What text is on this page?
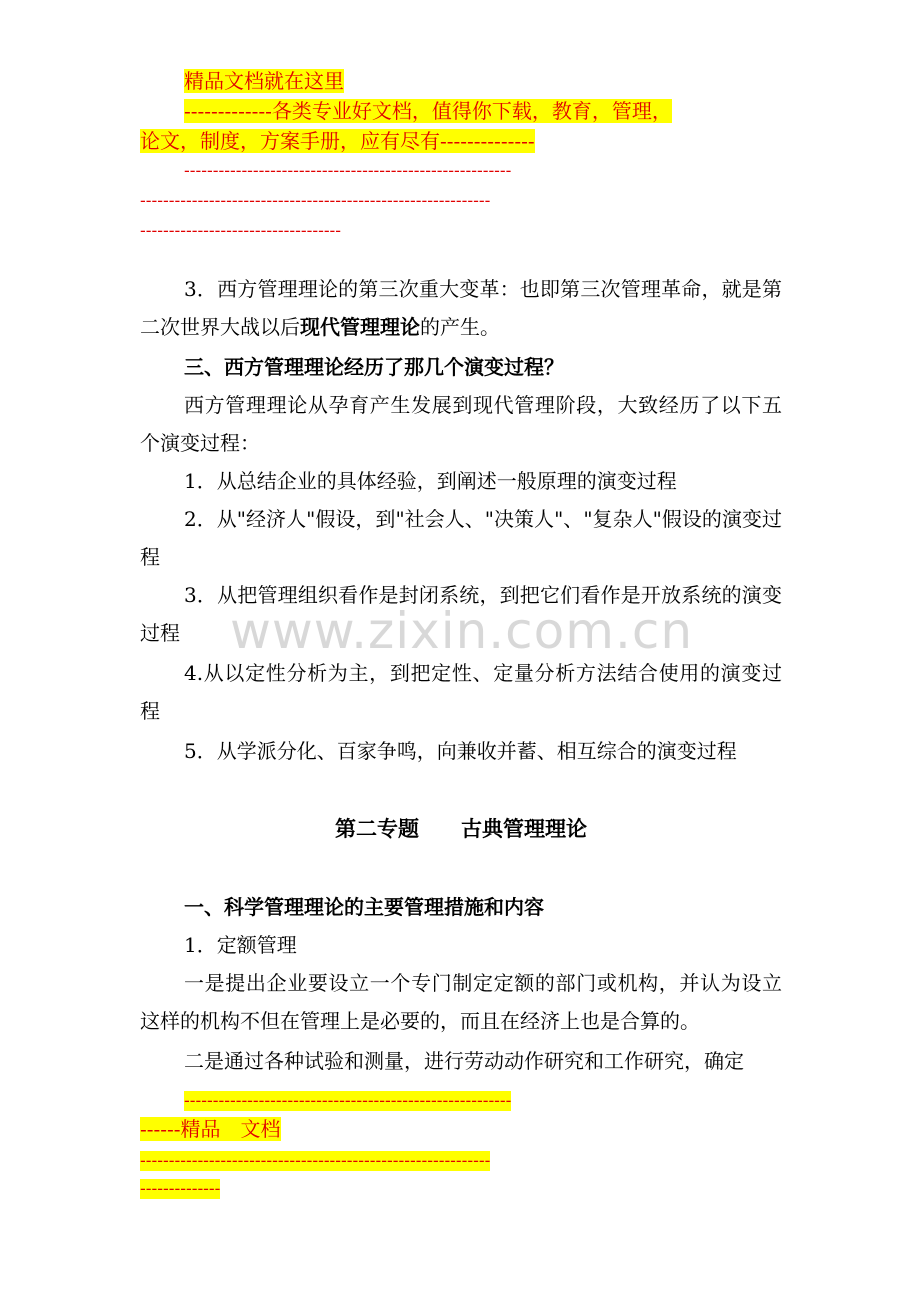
www.zixin.com.cn
精品文档就在这里
-------------各类专业好文档，值得你下载，教育，管理，
论文，制度，方案手册，应有尽有--------------
---------------------------------------------------------
-------------------------------------------------------------
-----------------------------------
3．西方管理理论的第三次重大变革：也即第三次管理革命，就是第二次世界大战以后现代管理理论的产生。
三、西方管理理论经历了那几个演变过程？
西方管理理论从孕育产生发展到现代管理阶段，大致经历了以下五个演变过程：
1．从总结企业的具体经验，到阐述一般原理的演变过程
2．从"经济人"假设，到"社会人、"决策人"、"复杂人"假设的演变过程
3．从把管理组织看作是封闭系统，到把它们看作是开放系统的演变过程
4.从以定性分析为主，到把定性、定量分析方法结合使用的演变过程
5．从学派分化、百家争鸣，向兼收并蓄、相互综合的演变过程
第二专题　　古典管理理论
一、科学管理理论的主要管理措施和内容
1．定额管理
一是提出企业要设立一个专门制定定额的部门或机构，并认为设立这样的机构不但在管理上是必要的，而且在经济上也是合算的。
二是通过各种试验和测量，进行劳动动作研究和工作研究，确定
---------------------------------------------------------
------精品　文档
-------------------------------------------------------------
--------------
